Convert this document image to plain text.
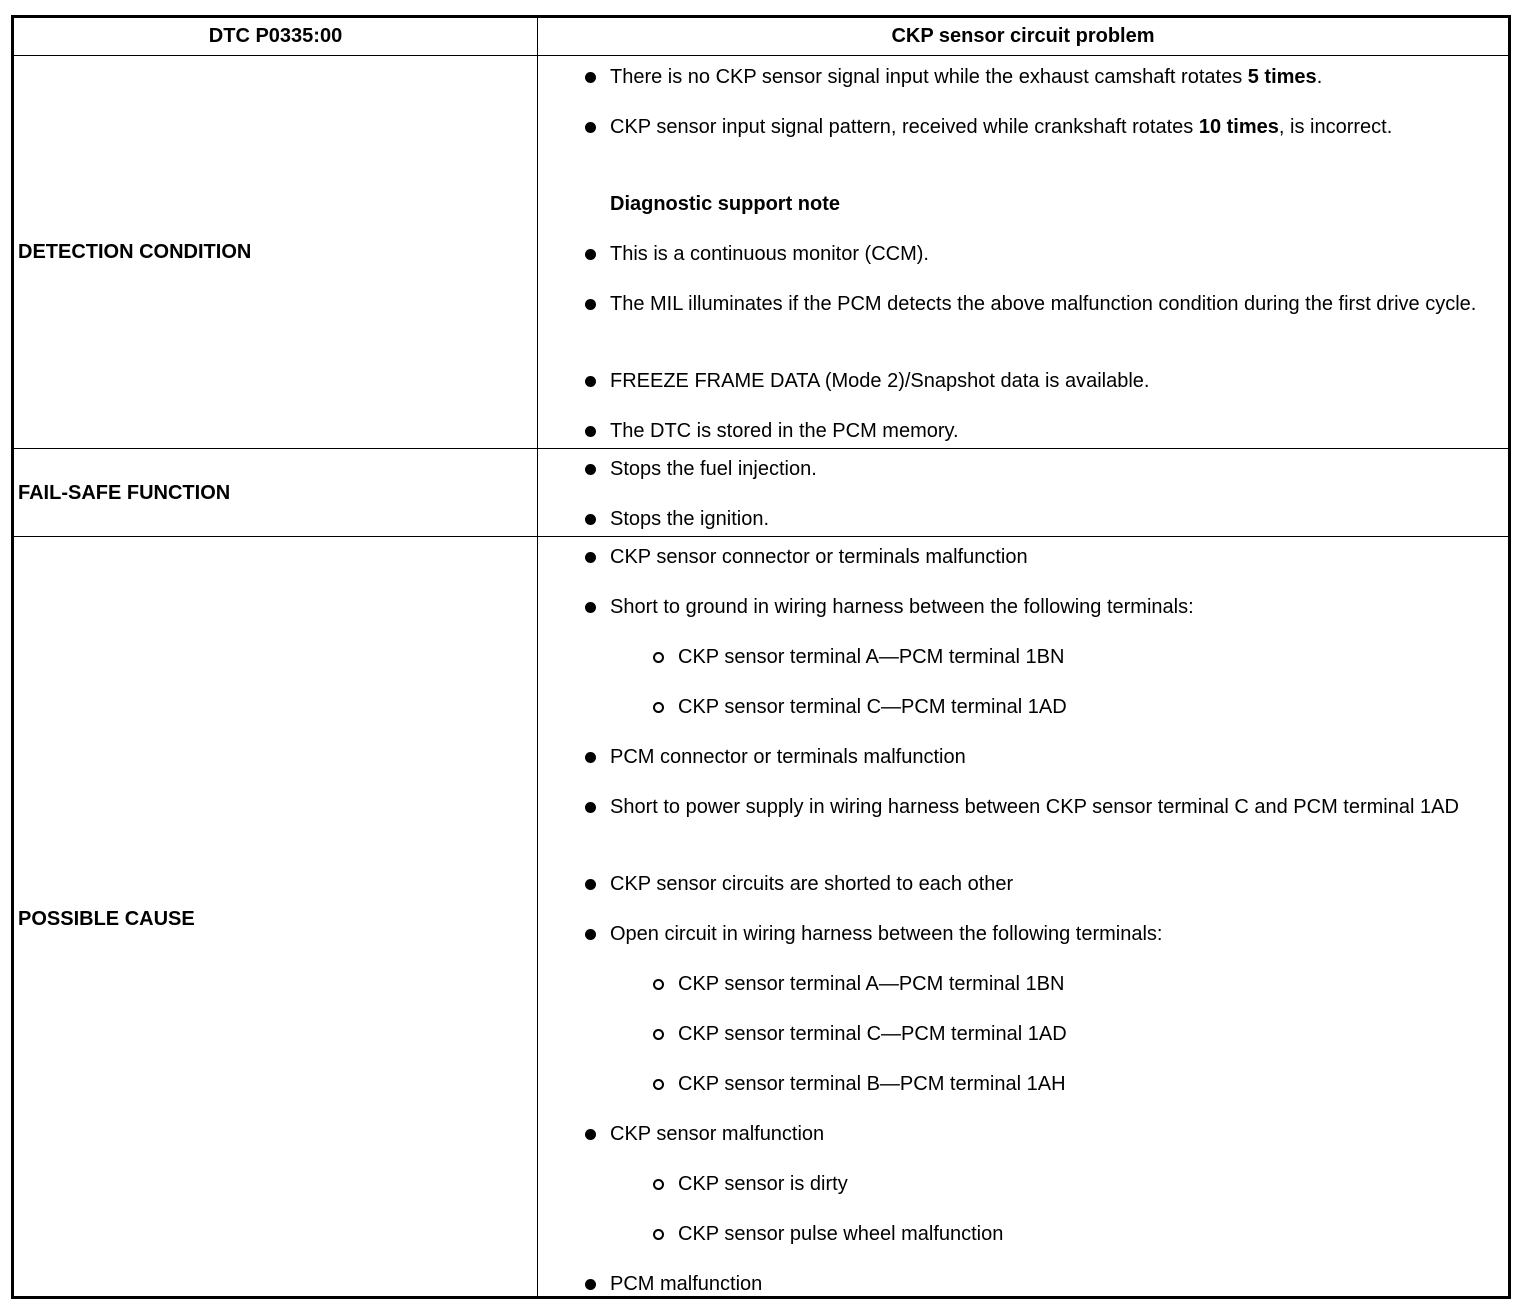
DTC P0335:00	CKP sensor circuit problem
DETECTION CONDITION
There is no CKP sensor signal input while the exhaust camshaft rotates 5 times.
CKP sensor input signal pattern, received while crankshaft rotates 10 times, is incorrect.
Diagnostic support note
This is a continuous monitor (CCM).
The MIL illuminates if the PCM detects the above malfunction condition during the first drive cycle.
FREEZE FRAME DATA (Mode 2)/Snapshot data is available.
The DTC is stored in the PCM memory.
FAIL-SAFE FUNCTION
Stops the fuel injection.
Stops the ignition.
POSSIBLE CAUSE
CKP sensor connector or terminals malfunction
Short to ground in wiring harness between the following terminals:
CKP sensor terminal A—PCM terminal 1BN
CKP sensor terminal C—PCM terminal 1AD
PCM connector or terminals malfunction
Short to power supply in wiring harness between CKP sensor terminal C and PCM terminal 1AD
CKP sensor circuits are shorted to each other
Open circuit in wiring harness between the following terminals:
CKP sensor terminal A—PCM terminal 1BN
CKP sensor terminal C—PCM terminal 1AD
CKP sensor terminal B—PCM terminal 1AH
CKP sensor malfunction
CKP sensor is dirty
CKP sensor pulse wheel malfunction
PCM malfunction
